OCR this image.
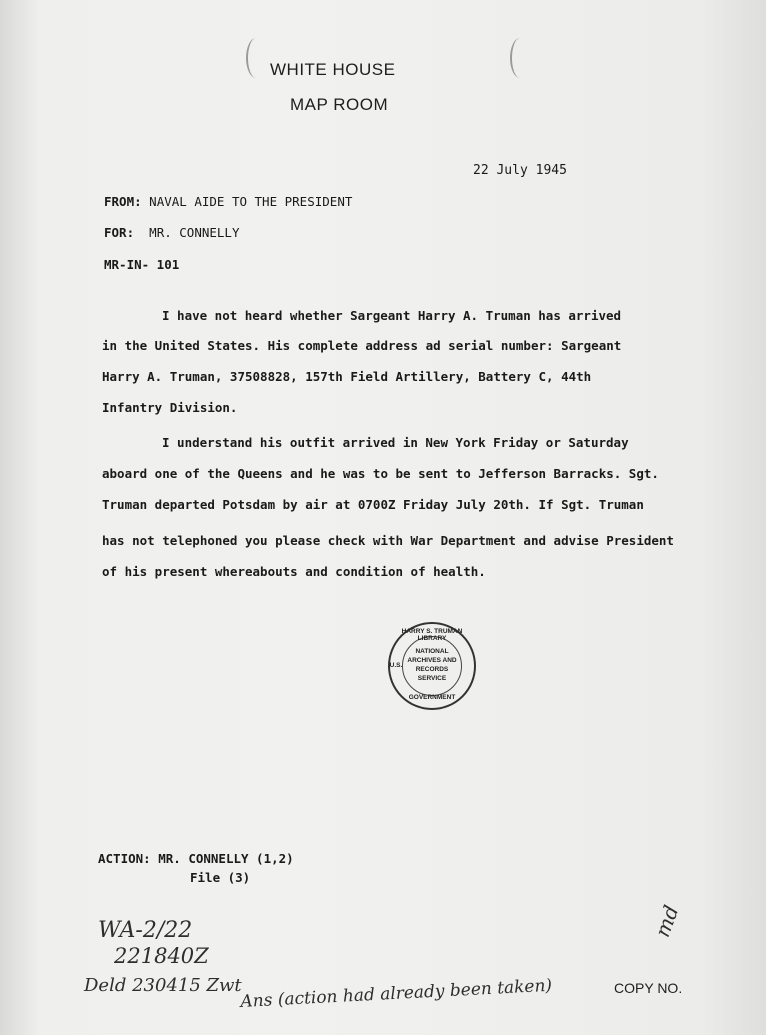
WHITE HOUSE
MAP ROOM
22 July 1945
FROM: NAVAL AIDE TO THE PRESIDENT
FOR: MR. CONNELLY
MR-IN- 101
I have not heard whether Sargeant Harry A. Truman has arrived
in the United States. His complete address ad serial number: Sargeant
Harry A. Truman, 37508828, 157th Field Artillery, Battery C, 44th
Infantry Division.
I understand his outfit arrived in New York Friday or Saturday
aboard one of the Queens and he was to be sent to Jefferson Barracks. Sgt.
Truman departed Potsdam by air at 0700Z Friday July 20th. If Sgt. Truman
has not telephoned you please check with War Department and advise President
of his present whereabouts and condition of health.
HARRY S. TRUMAN LIBRARY
NATIONAL
ARCHIVES AND
RECORDS
SERVICE
U.S.
GOVERNMENT
ACTION: MR. CONNELLY (1,2)
File (3)
WA-2/22
221840Z
Deld 230415 Zwt
Ans (action had already been taken)
md
COPY NO.
